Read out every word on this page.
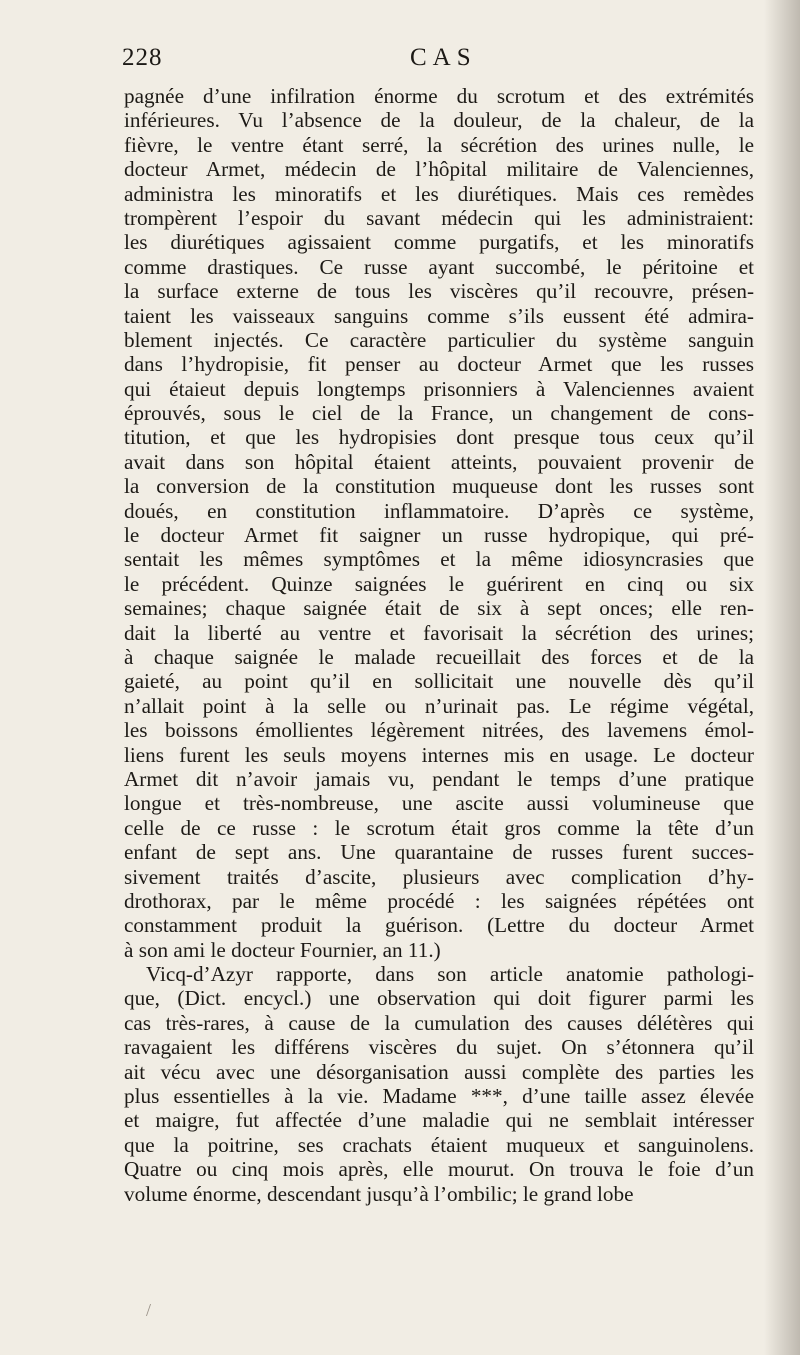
228	CAS
pagnée d’une infilration énorme du scrotum et des extrémités
inférieures. Vu l’absence de la douleur, de la chaleur, de la
fièvre, le ventre étant serré, la sécrétion des urines nulle, le
docteur Armet, médecin de l’hôpital militaire de Valenciennes,
administra les minoratifs et les diurétiques. Mais ces remèdes
trompèrent l’espoir du savant médecin qui les administraient:
les diurétiques agissaient comme purgatifs, et les minoratifs
comme drastiques. Ce russe ayant succombé, le péritoine et
la surface externe de tous les viscères qu’il recouvre, présen-
taient les vaisseaux sanguins comme s’ils eussent été admira-
blement injectés. Ce caractère particulier du système sanguin
dans l’hydropisie, fit penser au docteur Armet que les russes
qui étaieut depuis longtemps prisonniers à Valenciennes avaient
éprouvés, sous le ciel de la France, un changement de cons-
titution, et que les hydropisies dont presque tous ceux qu’il
avait dans son hôpital étaient atteints, pouvaient provenir de
la conversion de la constitution muqueuse dont les russes sont
doués, en constitution inflammatoire. D’après ce système,
le docteur Armet fit saigner un russe hydropique, qui pré-
sentait les mêmes symptômes et la même idiosyncrasies que
le précédent. Quinze saignées le guérirent en cinq ou six
semaines; chaque saignée était de six à sept onces; elle ren-
dait la liberté au ventre et favorisait la sécrétion des urines;
à chaque saignée le malade recueillait des forces et de la
gaieté, au point qu’il en sollicitait une nouvelle dès qu’il
n’allait point à la selle ou n’urinait pas. Le régime végétal,
les boissons émollientes légèrement nitrées, des lavemens émol-
liens furent les seuls moyens internes mis en usage. Le docteur
Armet dit n’avoir jamais vu, pendant le temps d’une pratique
longue et très-nombreuse, une ascite aussi volumineuse que
celle de ce russe : le scrotum était gros comme la tête d’un
enfant de sept ans. Une quarantaine de russes furent succes-
sivement traités d’ascite, plusieurs avec complication d’hy-
drothorax, par le même procédé : les saignées répétées ont
constamment produit la guérison. (Lettre du docteur Armet
à son ami le docteur Fournier, an 11.)
Vicq-d’Azyr rapporte, dans son article anatomie pathologi-
que, (Dict. encycl.) une observation qui doit figurer parmi les
cas très-rares, à cause de la cumulation des causes délétères qui
ravagaient les différens viscères du sujet. On s’étonnera qu’il
ait vécu avec une désorganisation aussi complète des parties les
plus essentielles à la vie. Madame ***, d’une taille assez élevée
et maigre, fut affectée d’une maladie qui ne semblait intéresser
que la poitrine, ses crachats étaient muqueux et sanguinolens.
Quatre ou cinq mois après, elle mourut. On trouva le foie d’un
volume énorme, descendant jusqu’à l’ombilic; le grand lobe
/
